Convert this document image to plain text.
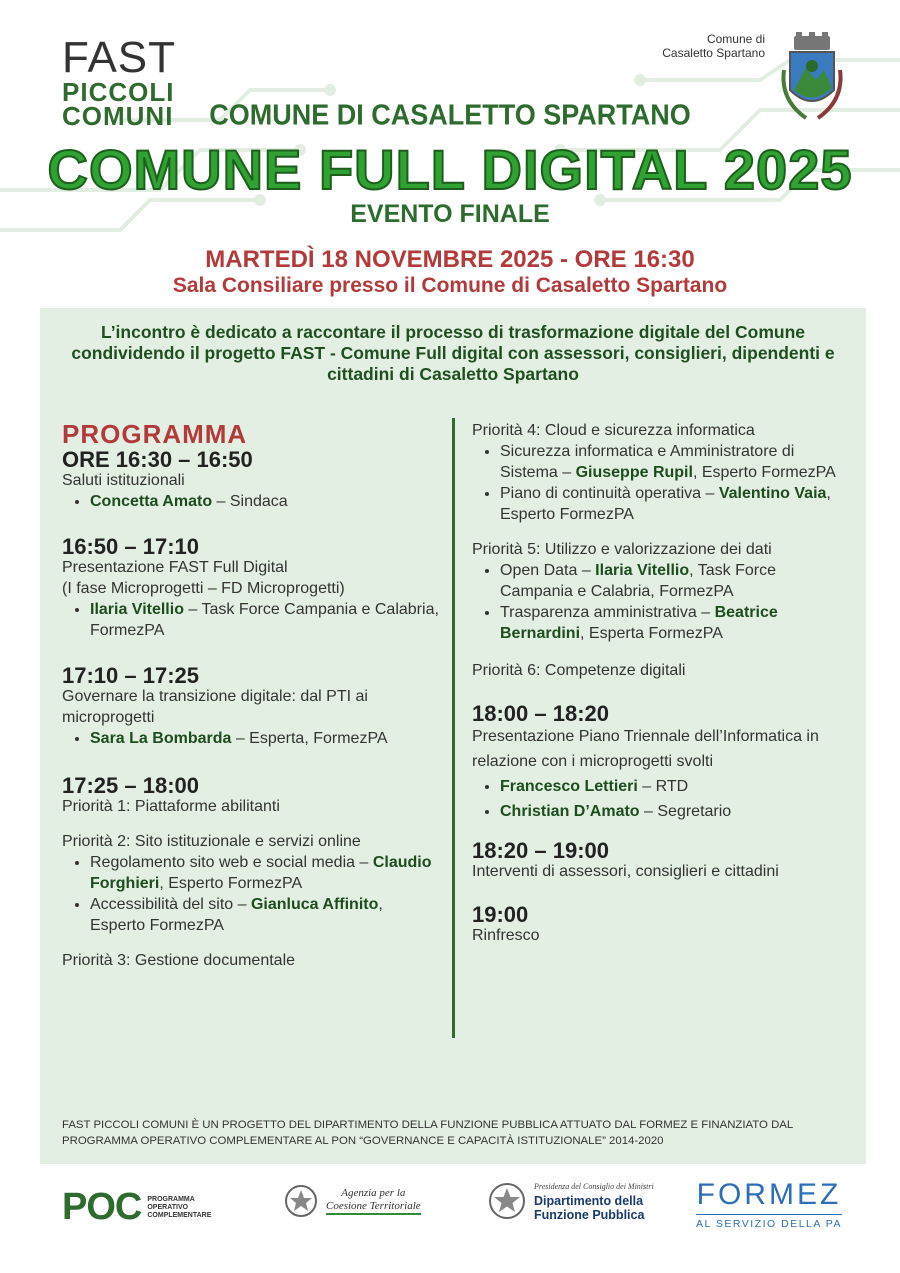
FAST
PICCOLI
COMUNI
Comune di
Casaletto Spartano
COMUNE DI CASALETTO SPARTANO
COMUNE FULL DIGITAL 2025
EVENTO FINALE
MARTEDÌ 18 NOVEMBRE 2025 - ORE 16:30
Sala Consiliare presso il Comune di Casaletto Spartano
L’incontro è dedicato a raccontare il processo di trasformazione digitale del Comune condividendo il progetto FAST - Comune Full digital con assessori, consiglieri, dipendenti e cittadini di Casaletto Spartano
PROGRAMMA
ORE 16:30 – 16:50

Saluti istituzionali

• Concetta Amato – Sindaca
16:50 – 17:10

Presentazione FAST Full Digital

(I fase Microprogetti – FD Microprogetti)

• Ilaria Vitellio – Task Force Campania e Calabria, FormezPA
17:10 – 17:25

Governare la transizione digitale: dal PTI ai microprogetti

• Sara La Bombarda – Esperta, FormezPA
17:25 – 18:00

Priorità 1: Piattaforme abilitanti

Priorità 2: Sito istituzionale e servizi online

• Regolamento sito web e social media – Claudio Forghieri, Esperto FormezPA
• Accessibilità del sito – Gianluca Affinito, Esperto FormezPA

Priorità 3: Gestione documentale

Priorità 4: Cloud e sicurezza informatica

• Sicurezza informatica e Amministratore di Sistema – Giuseppe Rupil, Esperto FormezPA
• Piano di continuità operativa – Valentino Vaia, Esperto FormezPA

Priorità 5: Utilizzo e valorizzazione dei dati

• Open Data – Ilaria Vitellio, Task Force Campania e Calabria, FormezPA
• Trasparenza amministrativa – Beatrice Bernardini, Esperta FormezPA

Priorità 6: Competenze digitali

18:00 – 18:20

Presentazione Piano Triennale dell’Informatica in relazione con i microprogetti svolti

• Francesco Lettieri – RTD
• Christian D’Amato – Segretario
18:20 – 19:00

Interventi di assessori, consiglieri e cittadini

19:00

Rinfresco

FAST PICCOLI COMUNI È UN PROGETTO DEL DIPARTIMENTO DELLA FUNZIONE PUBBLICA ATTUATO DAL FORMEZ E FINANZIATO DAL PROGRAMMA OPERATIVO COMPLEMENTARE AL PON “GOVERNANCE E CAPACITÀ ISTITUZIONALE” 2014-2020
POC PROGRAMMA
OPERATIVO
COMPLEMENTARE
Agenzia per la
Coesione Territoriale
Presidenza del Consiglio dei Ministri
Dipartimento della
Funzione Pubblica
FORMEZ
AL SERVIZIO DELLA PA
